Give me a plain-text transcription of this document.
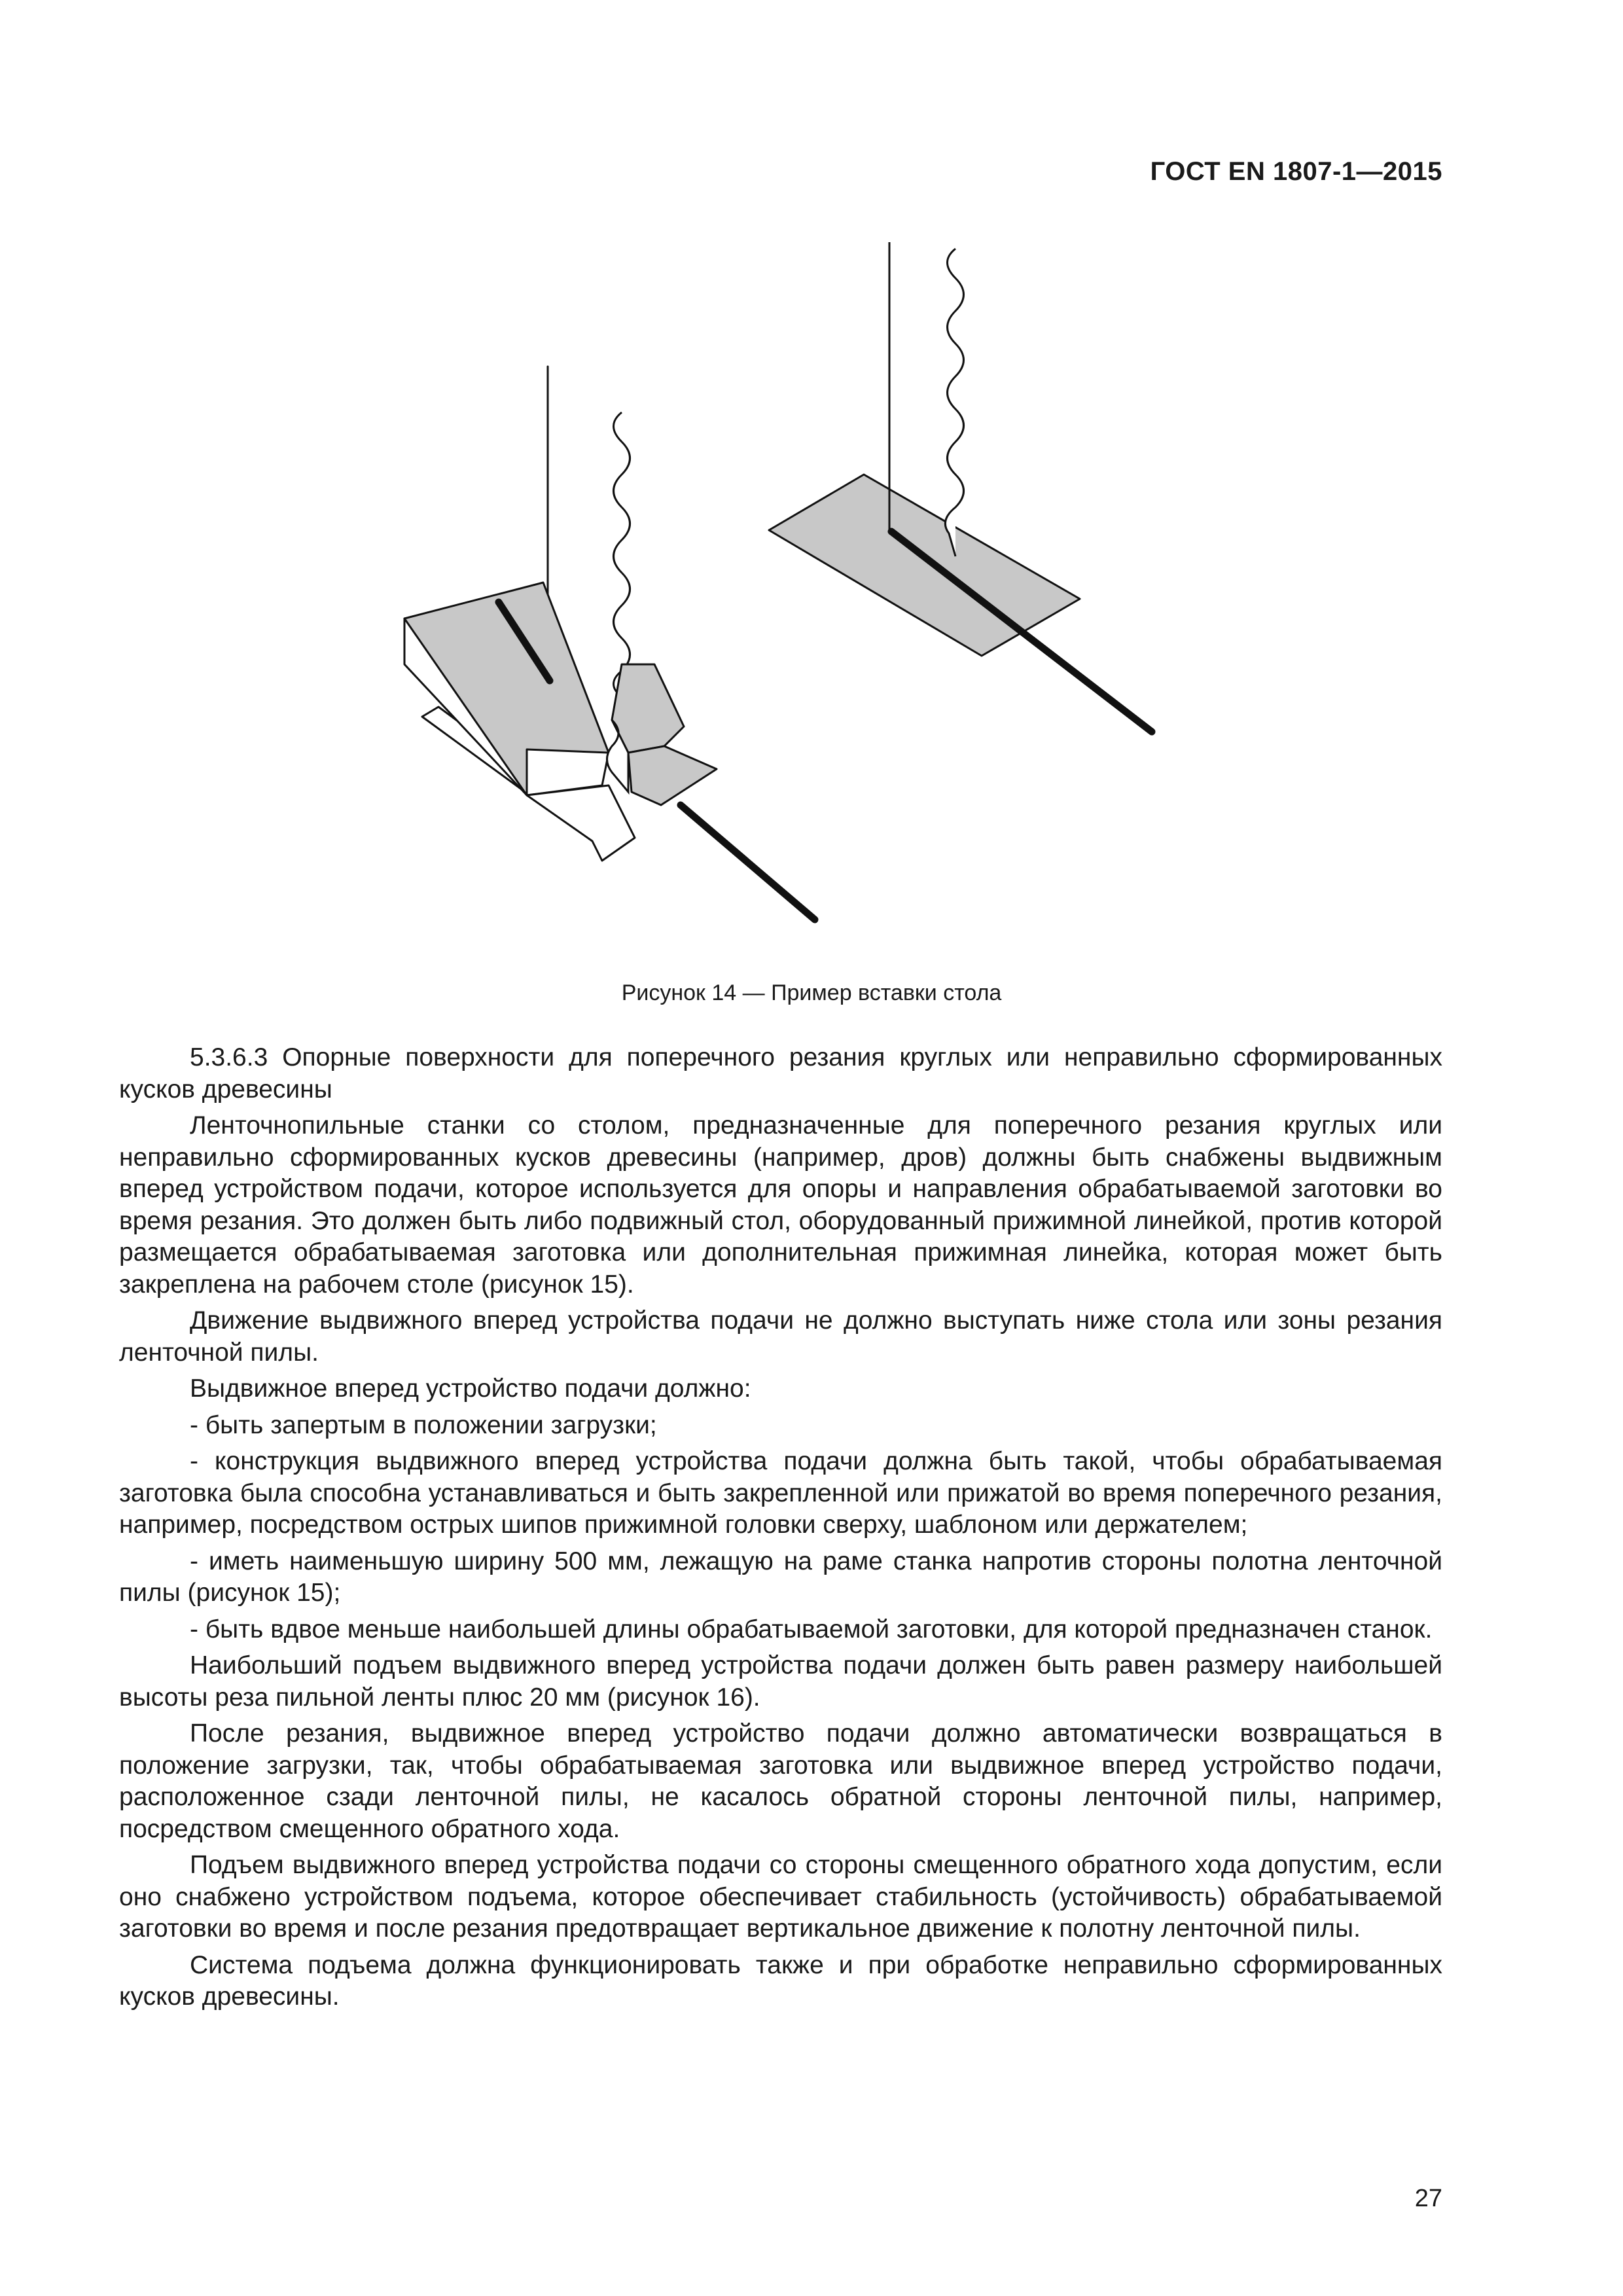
ГОСТ EN 1807-1—2015
Рисунок 14 — Пример вставки стола

5.3.6.3 Опорные поверхности для поперечного резания круглых или неправильно сформированных кусков древесины

Ленточнопильные станки со столом, предназначенные для поперечного резания круглых или неправильно сформированных кусков древесины (например, дров) должны быть снабжены выдвижным вперед устройством подачи, которое используется для опоры и направления обрабатываемой заготовки во время резания. Это должен быть либо подвижный стол, оборудованный прижимной линейкой, против которой размещается обрабатываемая заготовка или дополнительная прижимная линейка, которая может быть закреплена на рабочем столе (рисунок 15).

Движение выдвижного вперед устройства подачи не должно выступать ниже стола или зоны резания ленточной пилы.

Выдвижное вперед устройство подачи должно:

- быть запертым в положении загрузки;

- конструкция выдвижного вперед устройства подачи должна быть такой, чтобы обрабатываемая заготовка была способна устанавливаться и быть закрепленной или прижатой во время поперечного резания, например, посредством острых шипов прижимной головки сверху, шаблоном или держателем;

- иметь наименьшую ширину 500 мм, лежащую на раме станка напротив стороны полотна ленточной пилы (рисунок 15);

- быть вдвое меньше наибольшей длины обрабатываемой заготовки, для которой предназначен станок.

Наибольший подъем выдвижного вперед устройства подачи должен быть равен размеру наибольшей высоты реза пильной ленты плюс 20 мм (рисунок 16).

После резания, выдвижное вперед устройство подачи должно автоматически возвращаться в положение загрузки, так, чтобы обрабатываемая заготовка или выдвижное вперед устройство подачи, расположенное сзади ленточной пилы, не касалось обратной стороны ленточной пилы, например, посредством смещенного обратного хода.

Подъем выдвижного вперед устройства подачи со стороны смещенного обратного хода допустим, если оно снабжено устройством подъема, которое обеспечивает стабильность (устойчивость) обрабатываемой заготовки во время и после резания предотвращает вертикальное движение к полотну ленточной пилы.

Система подъема должна функционировать также и при обработке неправильно сформированных кусков древесины.

27
